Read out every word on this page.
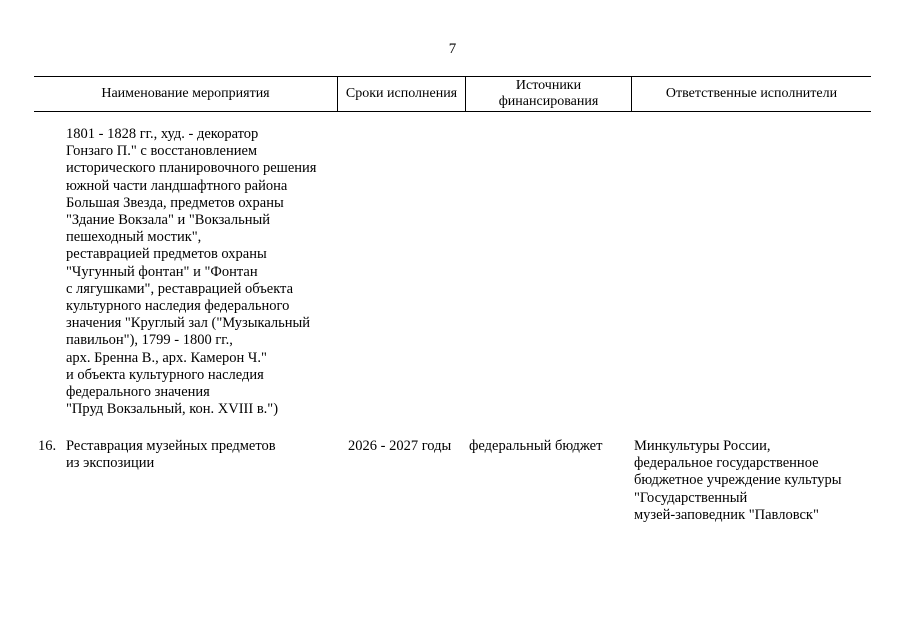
7
Наименование мероприятия	Сроки исполнения
Источники
финансирования
Ответственные исполнители
1801 - 1828 гг., худ. - декоратор
Гонзаго П." с восстановлением
исторического планировочного решения
южной части ландшафтного района
Большая Звезда, предметов охраны
"Здание Вокзала" и "Вокзальный
пешеходный мостик",
реставрацией предметов охраны
"Чугунный фонтан" и "Фонтан
с лягушками", реставрацией объекта
культурного наследия федерального
значения "Круглый зал ("Музыкальный
павильон"), 1799 - 1800 гг.,
арх. Бренна В., арх. Камерон Ч."
и объекта культурного наследия
федерального значения
"Пруд Вокзальный, кон. XVIII в.")
16. Реставрация музейных предметов
из экспозиции
2026 - 2027 годы федеральный бюджет Минкультуры России,
федеральное государственное
бюджетное учреждение культуры
"Государственный
музей-заповедник "Павловск"
